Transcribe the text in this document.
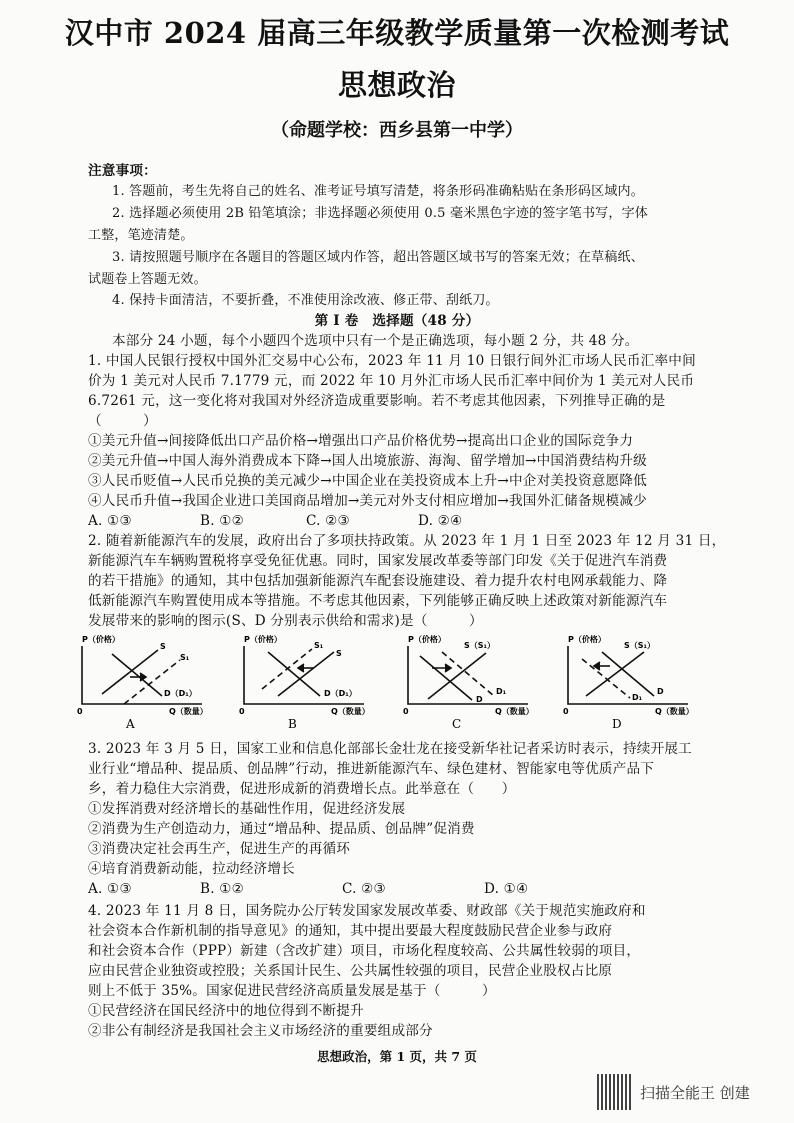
汉中市 2024 届高三年级教学质量第一次检测考试
思想政治
（命题学校：西乡县第一中学）
注意事项：
1. 答题前，考生先将自己的姓名、准考证号填写清楚，将条形码准确粘贴在条形码区域内。
2. 选择题必须使用 2B 铅笔填涂；非选择题必须使用 0.5 毫米黑色字迹的签字笔书写，字体
工整，笔迹清楚。
3. 请按照题号顺序在各题目的答题区域内作答，超出答题区域书写的答案无效；在草稿纸、
试题卷上答题无效。
4. 保持卡面清洁，不要折叠，不准使用涂改液、修正带、刮纸刀。
第 I 卷　选择题（48 分）
本部分 24 小题，每个小题四个选项中只有一个是正确选项，每小题 2 分，共 48 分。
1. 中国人民银行授权中国外汇交易中心公布，2023 年 11 月 10 日银行间外汇市场人民币汇率中间
价为 1 美元对人民币 7.1779 元，而 2022 年 10 月外汇市场人民币汇率中间价为 1 美元对人民币
6.7261 元，这一变化将对我国对外经济造成重要影响。若不考虑其他因素，下列推导正确的是
（　　　）
①美元升值→间接降低出口产品价格→增强出口产品价格优势→提高出口企业的国际竞争力
②美元升值→中国人海外消费成本下降→国人出境旅游、海淘、留学增加→中国消费结构升级
③人民币贬值→人民币兑换的美元减少→中国企业在美投资成本上升→中企对美投资意愿降低
④人民币升值→我国企业进口美国商品增加→美元对外支付相应增加→我国外汇储备规模减少
A. ①③	B. ①②	C. ②③	D. ②④
2. 随着新能源汽车的发展，政府出台了多项扶持政策。从 2023 年 1 月 1 日至 2023 年 12 月 31 日，
新能源汽车车辆购置税将享受免征优惠。同时，国家发展改革委等部门印发《关于促进汽车消费
的若干措施》的通知，其中包括加强新能源汽车配套设施建设、着力提升农村电网承载能力、降
低新能源汽车购置使用成本等措施。不考虑其他因素，下列能够正确反映上述政策对新能源汽车
发展带来的影响的图示(S、D 分别表示供给和需求)是（　　　）
P（价格）
0	Q（数量）
S
S₁
D（D₁）
A
P（价格）
0	Q（数量）
S₁
S
D（D₁）
B
P（价格）
0	Q（数量）
S（S₁）
D₁
D
C
P（价格）
0	Q（数量）
S（S₁）
D₁
D
D
3. 2023 年 3 月 5 日，国家工业和信息化部部长金壮龙在接受新华社记者采访时表示，持续开展工
业行业“增品种、提品质、创品牌”行动，推进新能源汽车、绿色建材、智能家电等优质产品下
乡，着力稳住大宗消费，促进形成新的消费增长点。此举意在（　　）
①发挥消费对经济增长的基础性作用，促进经济发展
②消费为生产创造动力，通过“增品种、提品质、创品牌”促消费
③消费决定社会再生产，促进生产的再循环
④培育消费新动能，拉动经济增长
A. ①③	B. ①②	C. ②③	D. ①④
4. 2023 年 11 月 8 日，国务院办公厅转发国家发展改革委、财政部《关于规范实施政府和
社会资本合作新机制的指导意见》的通知，其中提出要最大程度鼓励民营企业参与政府
和社会资本合作（PPP）新建（含改扩建）项目，市场化程度较高、公共属性较弱的项目，
应由民营企业独资或控股；关系国计民生、公共属性较强的项目，民营企业股权占比原
则上不低于 35%。国家促进民营经济高质量发展是基于（　　　）
①民营经济在国民经济中的地位得到不断提升
②非公有制经济是我国社会主义市场经济的重要组成部分
思想政治，第 1 页，共 7 页
扫描全能王 创建
